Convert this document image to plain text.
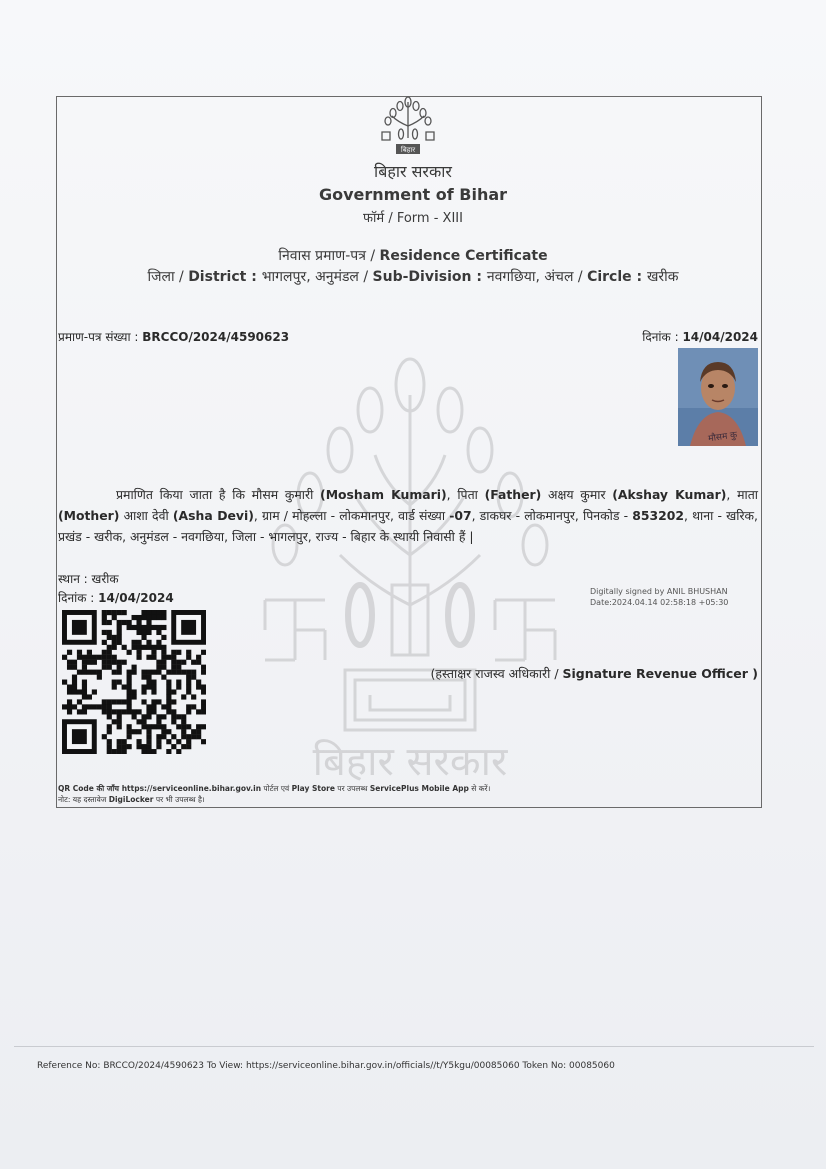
बिहार सरकार
बिहार
बिहार सरकार
Government of Bihar
फॉर्म / Form - XIII
निवास प्रमाण-पत्र / Residence Certificate
जिला / District : भागलपुर, अनुमंडल / Sub-Division : नवगछिया, अंचल / Circle : खरीक
प्रमाण-पत्र संख्या : BRCCO/2024/4590623	दिनांक : 14/04/2024
मौसम कु
प्रमाणित किया जाता है कि मौसम कुमारी (Mosham Kumari), पिता (Father) अक्षय कुमार (Akshay Kumar), माता (Mother) आशा देवी (Asha Devi), ग्राम / मोहल्ला - लोकमानपुर, वार्ड संख्या -07, डाकघर - लोकमानपुर, पिनकोड - 853202, थाना - खरिक, प्रखंड - खरीक, अनुमंडल - नवगछिया, जिला - भागलपुर, राज्य - बिहार के स्थायी निवासी हैं |
स्थान : खरीक
दिनांक : 14/04/2024	Digitally signed by ANIL BHUSHAN
Date:2024.04.14 02:58:18 +05:30
(हस्ताक्षर राजस्व अधिकारी / Signature Revenue Officer )
QR Code की जाँच https://serviceonline.bihar.gov.in पोर्टल एवं Play Store पर उपलब्ध ServicePlus Mobile App से करें।
नोट: यह दस्तावेज DigiLocker पर भी उपलब्ध है।
Reference No: BRCCO/2024/4590623 To View: https://serviceonline.bihar.gov.in/officials//t/Y5kgu/00085060 Token No: 00085060
